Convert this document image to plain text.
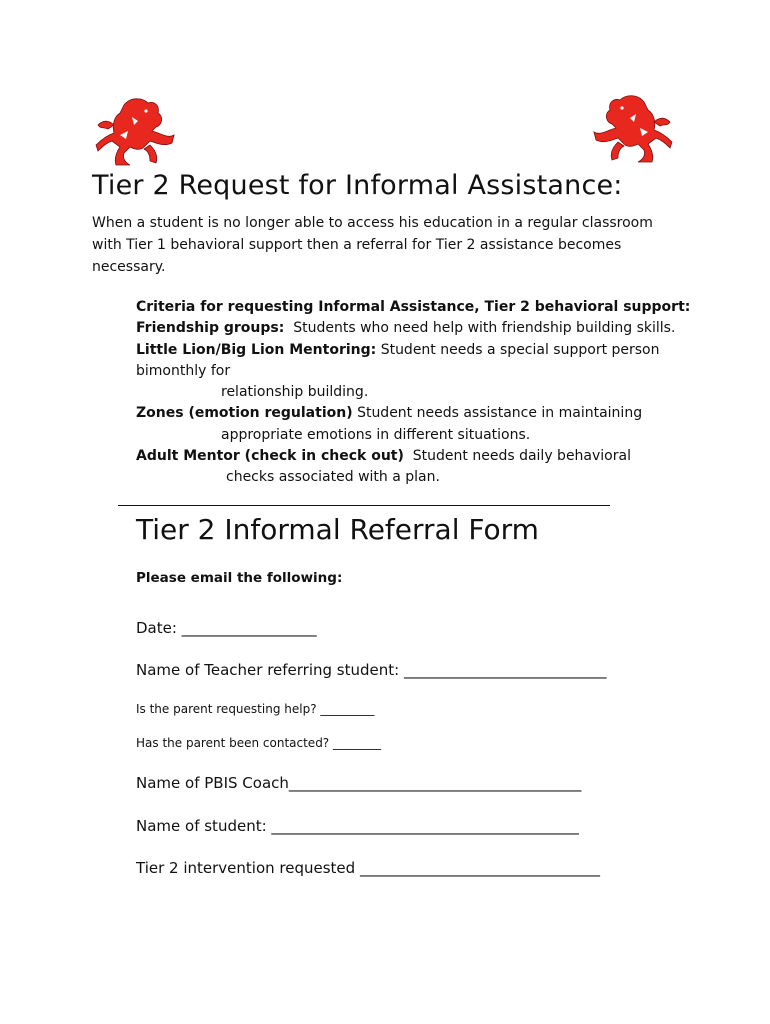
Tier 2 Request for Informal Assistance:
When a student is no longer able to access his education in a regular classroom
with Tier 1 behavioral support then a referral for Tier 2 assistance becomes
necessary.
Criteria for requesting Informal Assistance, Tier 2 behavioral support:
Friendship groups: Students who need help with friendship building skills.
Little Lion/Big Lion Mentoring: Student needs a special support person
bimonthly for
relationship building.
Zones (emotion regulation) Student needs assistance in maintaining
appropriate emotions in different situations.
Adult Mentor (check in check out) Student needs daily behavioral
checks associated with a plan.
Tier 2 Informal Referral Form
Please email the following:
Date: __________________
Name of Teacher referring student: ___________________________
Is the parent requesting help? _________
Has the parent been contacted? ________
Name of PBIS Coach_______________________________________
Name of student: _________________________________________
Tier 2 intervention requested ________________________________
